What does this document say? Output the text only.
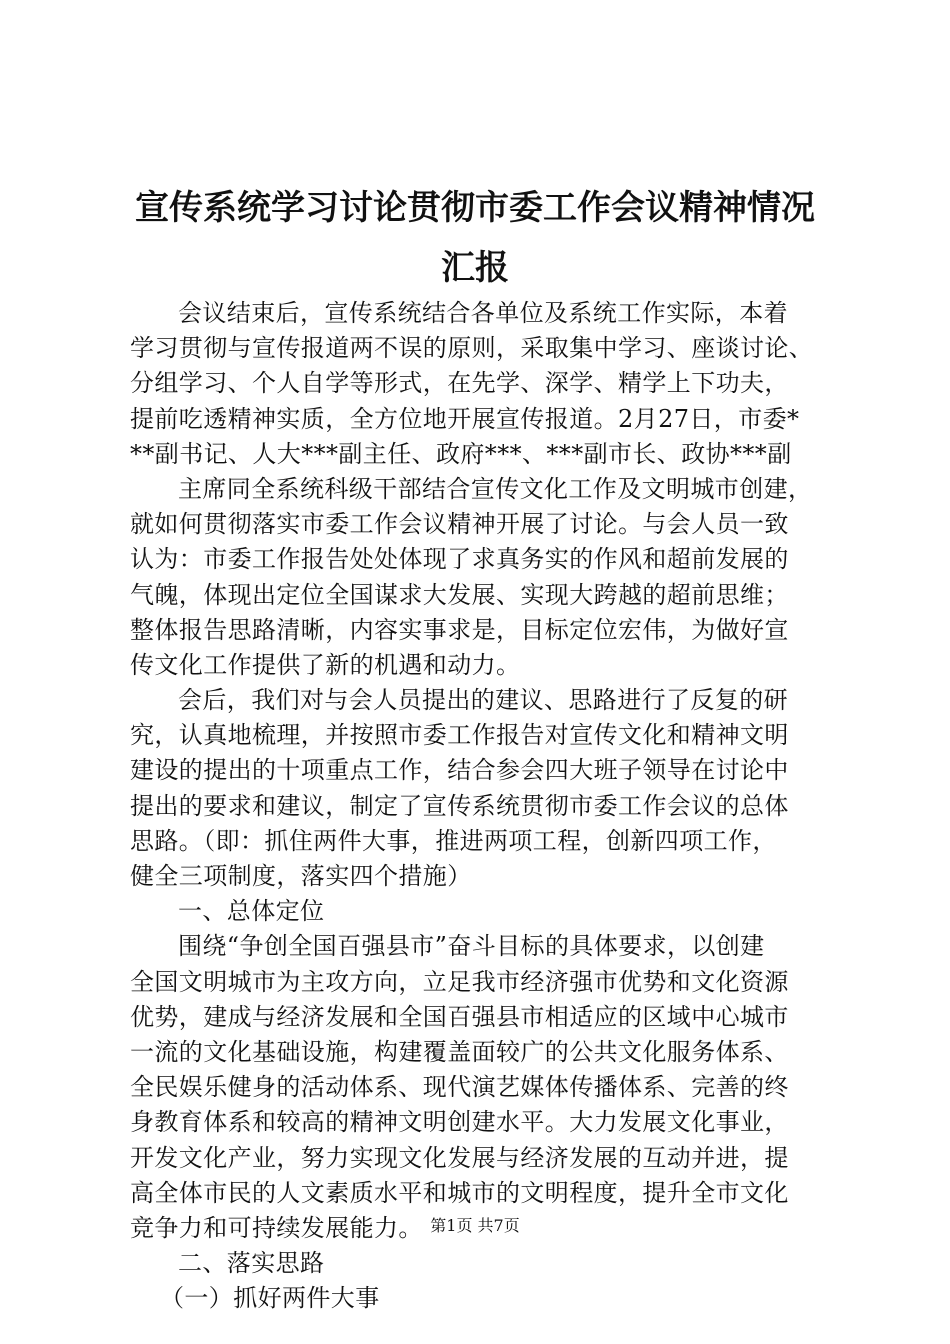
宣传系统学习讨论贯彻市委工作会议精神情况
汇报
会议结束后，宣传系统结合各单位及系统工作实际，本着
学习贯彻与宣传报道两不误的原则，采取集中学习、座谈讨论、
分组学习、个人自学等形式，在先学、深学、精学上下功夫，
提前吃透精神实质，全方位地开展宣传报道。2月27日，市委*
**副书记、人大***副主任、政府***、***副市长、政协***副
主席同全系统科级干部结合宣传文化工作及文明城市创建，
就如何贯彻落实市委工作会议精神开展了讨论。与会人员一致
认为：市委工作报告处处体现了求真务实的作风和超前发展的
气魄，体现出定位全国谋求大发展、实现大跨越的超前思维；
整体报告思路清晰，内容实事求是，目标定位宏伟，为做好宣
传文化工作提供了新的机遇和动力。
会后，我们对与会人员提出的建议、思路进行了反复的研
究，认真地梳理，并按照市委工作报告对宣传文化和精神文明
建设的提出的十项重点工作，结合参会四大班子领导在讨论中
提出的要求和建议，制定了宣传系统贯彻市委工作会议的总体
思路。（即：抓住两件大事，推进两项工程，创新四项工作，
健全三项制度，落实四个措施）
一、总体定位
围绕“争创全国百强县市”奋斗目标的具体要求，以创建
全国文明城市为主攻方向，立足我市经济强市优势和文化资源
优势，建成与经济发展和全国百强县市相适应的区域中心城市
一流的文化基础设施，构建覆盖面较广的公共文化服务体系、
全民娱乐健身的活动体系、现代演艺媒体传播体系、完善的终
身教育体系和较高的精神文明创建水平。大力发展文化事业，
开发文化产业，努力实现文化发展与经济发展的互动并进，提
高全体市民的人文素质水平和城市的文明程度，提升全市文化
竞争力和可持续发展能力。
二、落实思路
（一）抓好两件大事
第1页 共7页
